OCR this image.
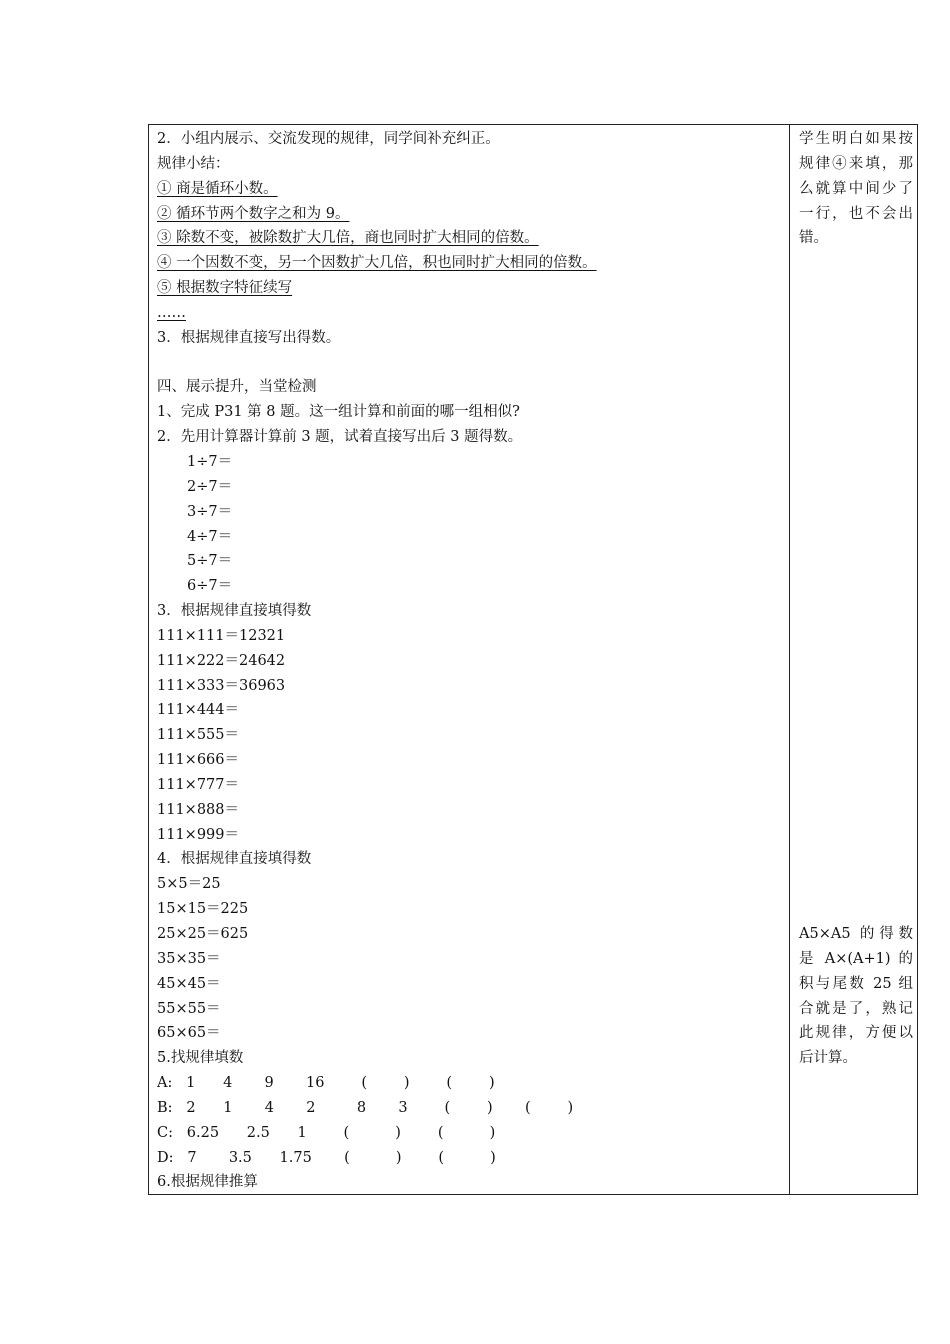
2．小组内展示、交流发现的规律，同学间补充纠正。
规律小结：
① 商是循环小数。
② 循环节两个数字之和为 9。
③ 除数不变，被除数扩大几倍，商也同时扩大相同的倍数。
④ 一个因数不变，另一个因数扩大几倍，积也同时扩大相同的倍数。
⑤ 根据数字特征续写
……
3．根据规律直接写出得数。
四、展示提升，当堂检测
1、完成 P31 第 8 题。这一组计算和前面的哪一组相似?
2．先用计算器计算前 3 题，试着直接写出后 3 题得数。
1÷7＝
2÷7＝
3÷7＝
4÷7＝
5÷7＝
6÷7＝
3．根据规律直接填得数
111×111＝12321
111×222＝24642
111×333＝36963
111×444＝
111×555＝
111×666＝
111×777＝
111×888＝
111×999＝
4．根据规律直接填得数
5×5＝25
15×15＝225
25×25＝625
35×35＝
45×45＝
55×55＝
65×65＝
5.找规律填数
A:   1      4       9       16        (        )        (        )
B:   2      1       4       2         8       3        (        )       (        )
C:   6.25      2.5      1        (          )        (          )
D:   7       3.5      1.75       (          )        (          )
6.根据规律推算
学生明白如果按规律④来填，那么就算中间少了一行，也不会出错。
A5×A5 的得数是 A×(A+1) 的积与尾数 25 组合就是了，熟记此规律，方便以后计算。
